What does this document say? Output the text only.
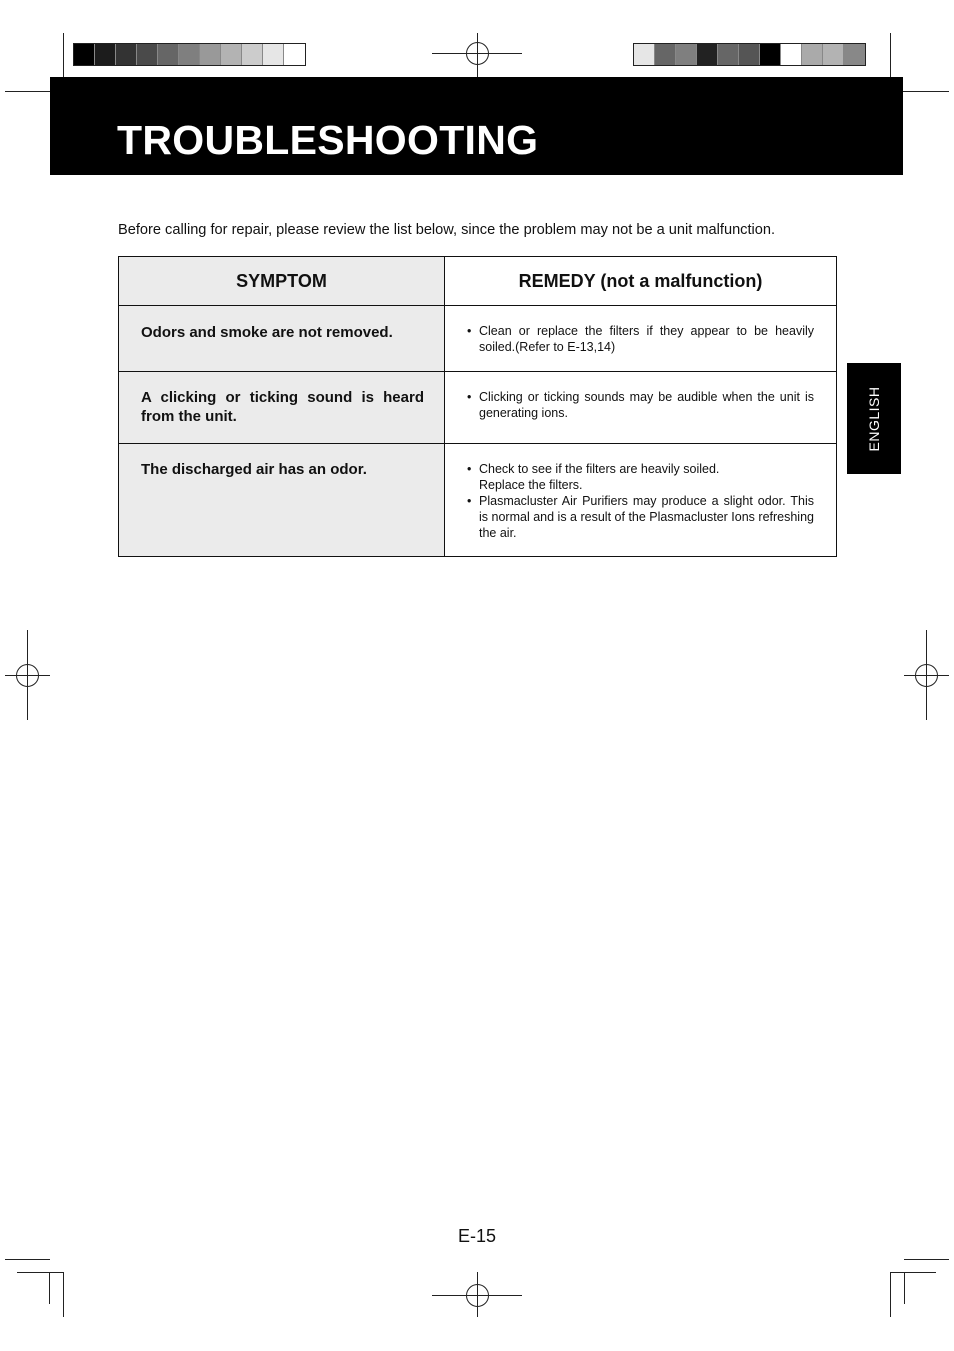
TROUBLESHOOTING
Before calling for repair, please review the list below, since the problem may not be a unit malfunction.
SYMPTOM	REMEDY (not a malfunction)
Odors and smoke are not removed.	• Clean or replace the filters if they appear to be heavily soiled.(Refer to E-13,14)

A clicking or ticking sound is heard from the unit.	• Clicking or ticking sounds may be audible when the unit is generating ions.

The discharged air has an odor.	• Check to see if the filters are heavily soiled.
Replace the filters.
• Plasmacluster Air Purifiers may produce a slight odor. This is normal and is a result of the Plasmacluster Ions refreshing the air.
ENGLISH
E-15
